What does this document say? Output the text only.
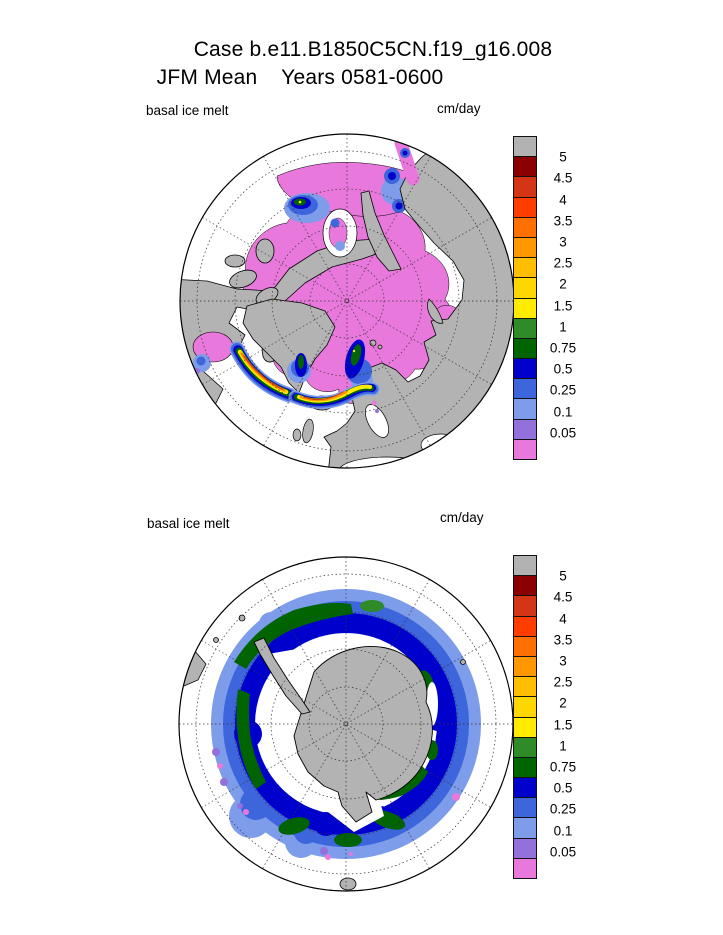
Case b.e11.B1850C5CN.f19_g16.008
JFM Mean    Years 0581-0600
basal ice melt	cm/day
basal ice melt	cm/day
5
4.5
4
3.5
3
2.5
2
1.5
1
0.75
0.5
0.25
0.1
0.05
5
4.5
4
3.5
3
2.5
2
1.5
1
0.75
0.5
0.25
0.1
0.05
